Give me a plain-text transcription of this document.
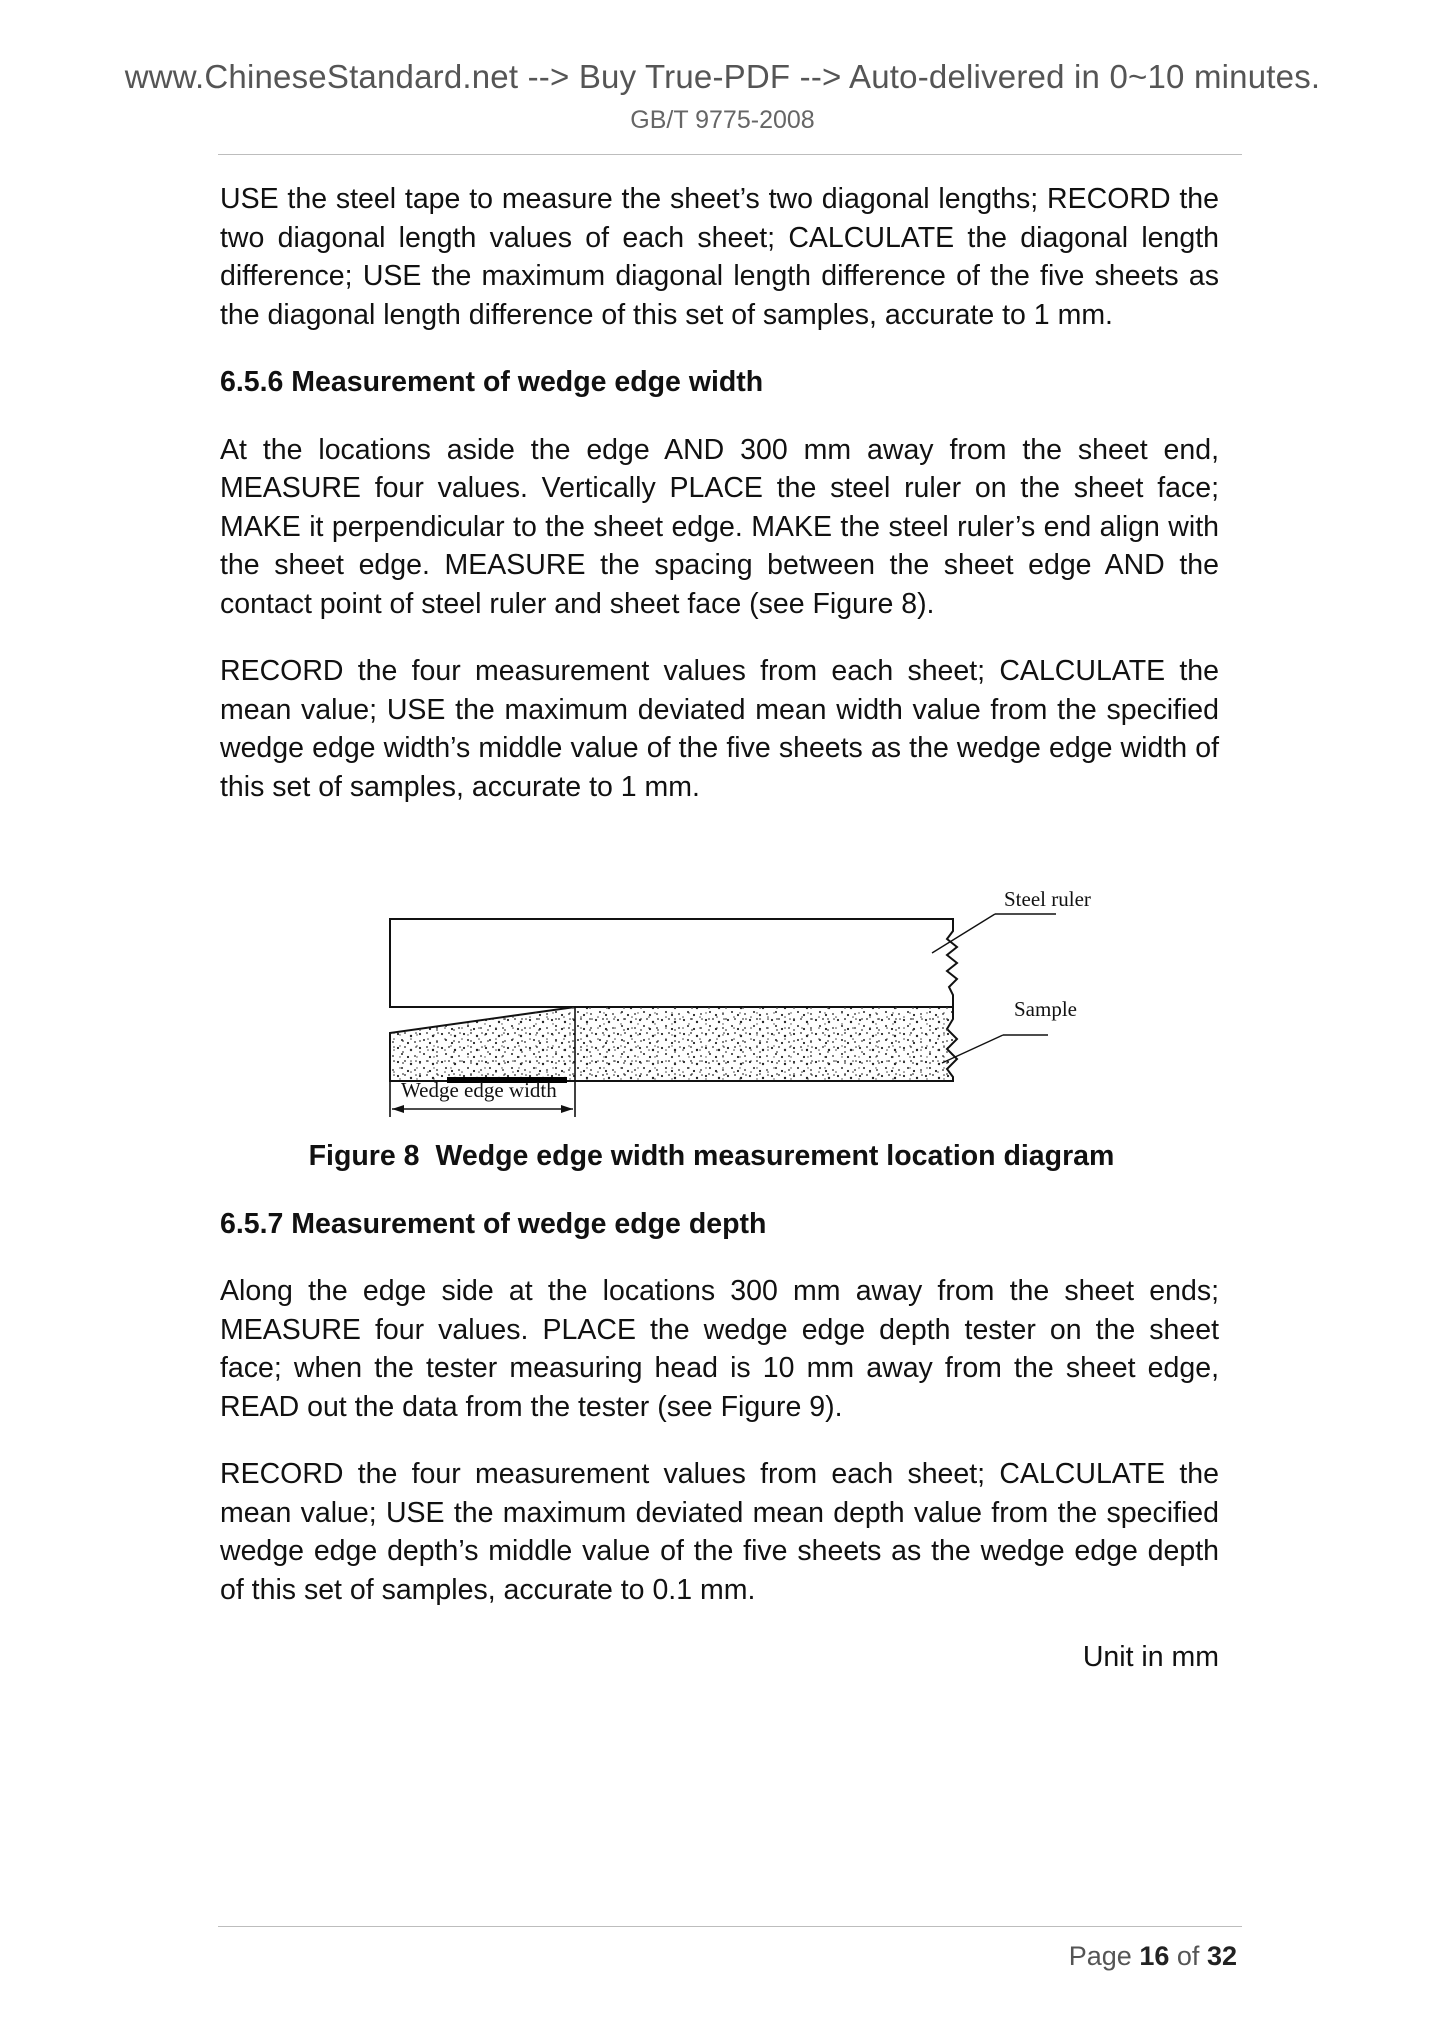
www.ChineseStandard.net --> Buy True-PDF --> Auto-delivered in 0~10 minutes.
GB/T 9775-2008

USE the steel tape to measure the sheet’s two diagonal lengths; RECORD the two diagonal length values of each sheet; CALCULATE the diagonal length difference; USE the maximum diagonal length difference of the five sheets as the diagonal length difference of this set of samples, accurate to 1 mm.

6.5.6 Measurement of wedge edge width

At the locations aside the edge AND 300 mm away from the sheet end, MEASURE four values. Vertically PLACE the steel ruler on the sheet face; MAKE it perpendicular to the sheet edge. MAKE the steel ruler’s end align with the sheet edge. MEASURE the spacing between the sheet edge AND the contact point of steel ruler and sheet face (see Figure 8).

RECORD the four measurement values from each sheet; CALCULATE the mean value; USE the maximum deviated mean width value from the specified wedge edge width’s middle value of the five sheets as the wedge edge width of this set of samples, accurate to 1 mm.

Steel ruler
Sample
Wedge edge width

Figure 8 Wedge edge width measurement location diagram

6.5.7 Measurement of wedge edge depth

Along the edge side at the locations 300 mm away from the sheet ends; MEASURE four values. PLACE the wedge edge depth tester on the sheet face; when the tester measuring head is 10 mm away from the sheet edge, READ out the data from the tester (see Figure 9).

RECORD the four measurement values from each sheet; CALCULATE the mean value; USE the maximum deviated mean depth value from the specified wedge edge depth’s middle value of the five sheets as the wedge edge depth of this set of samples, accurate to 0.1 mm.

Unit in mm

Page 16 of 32
